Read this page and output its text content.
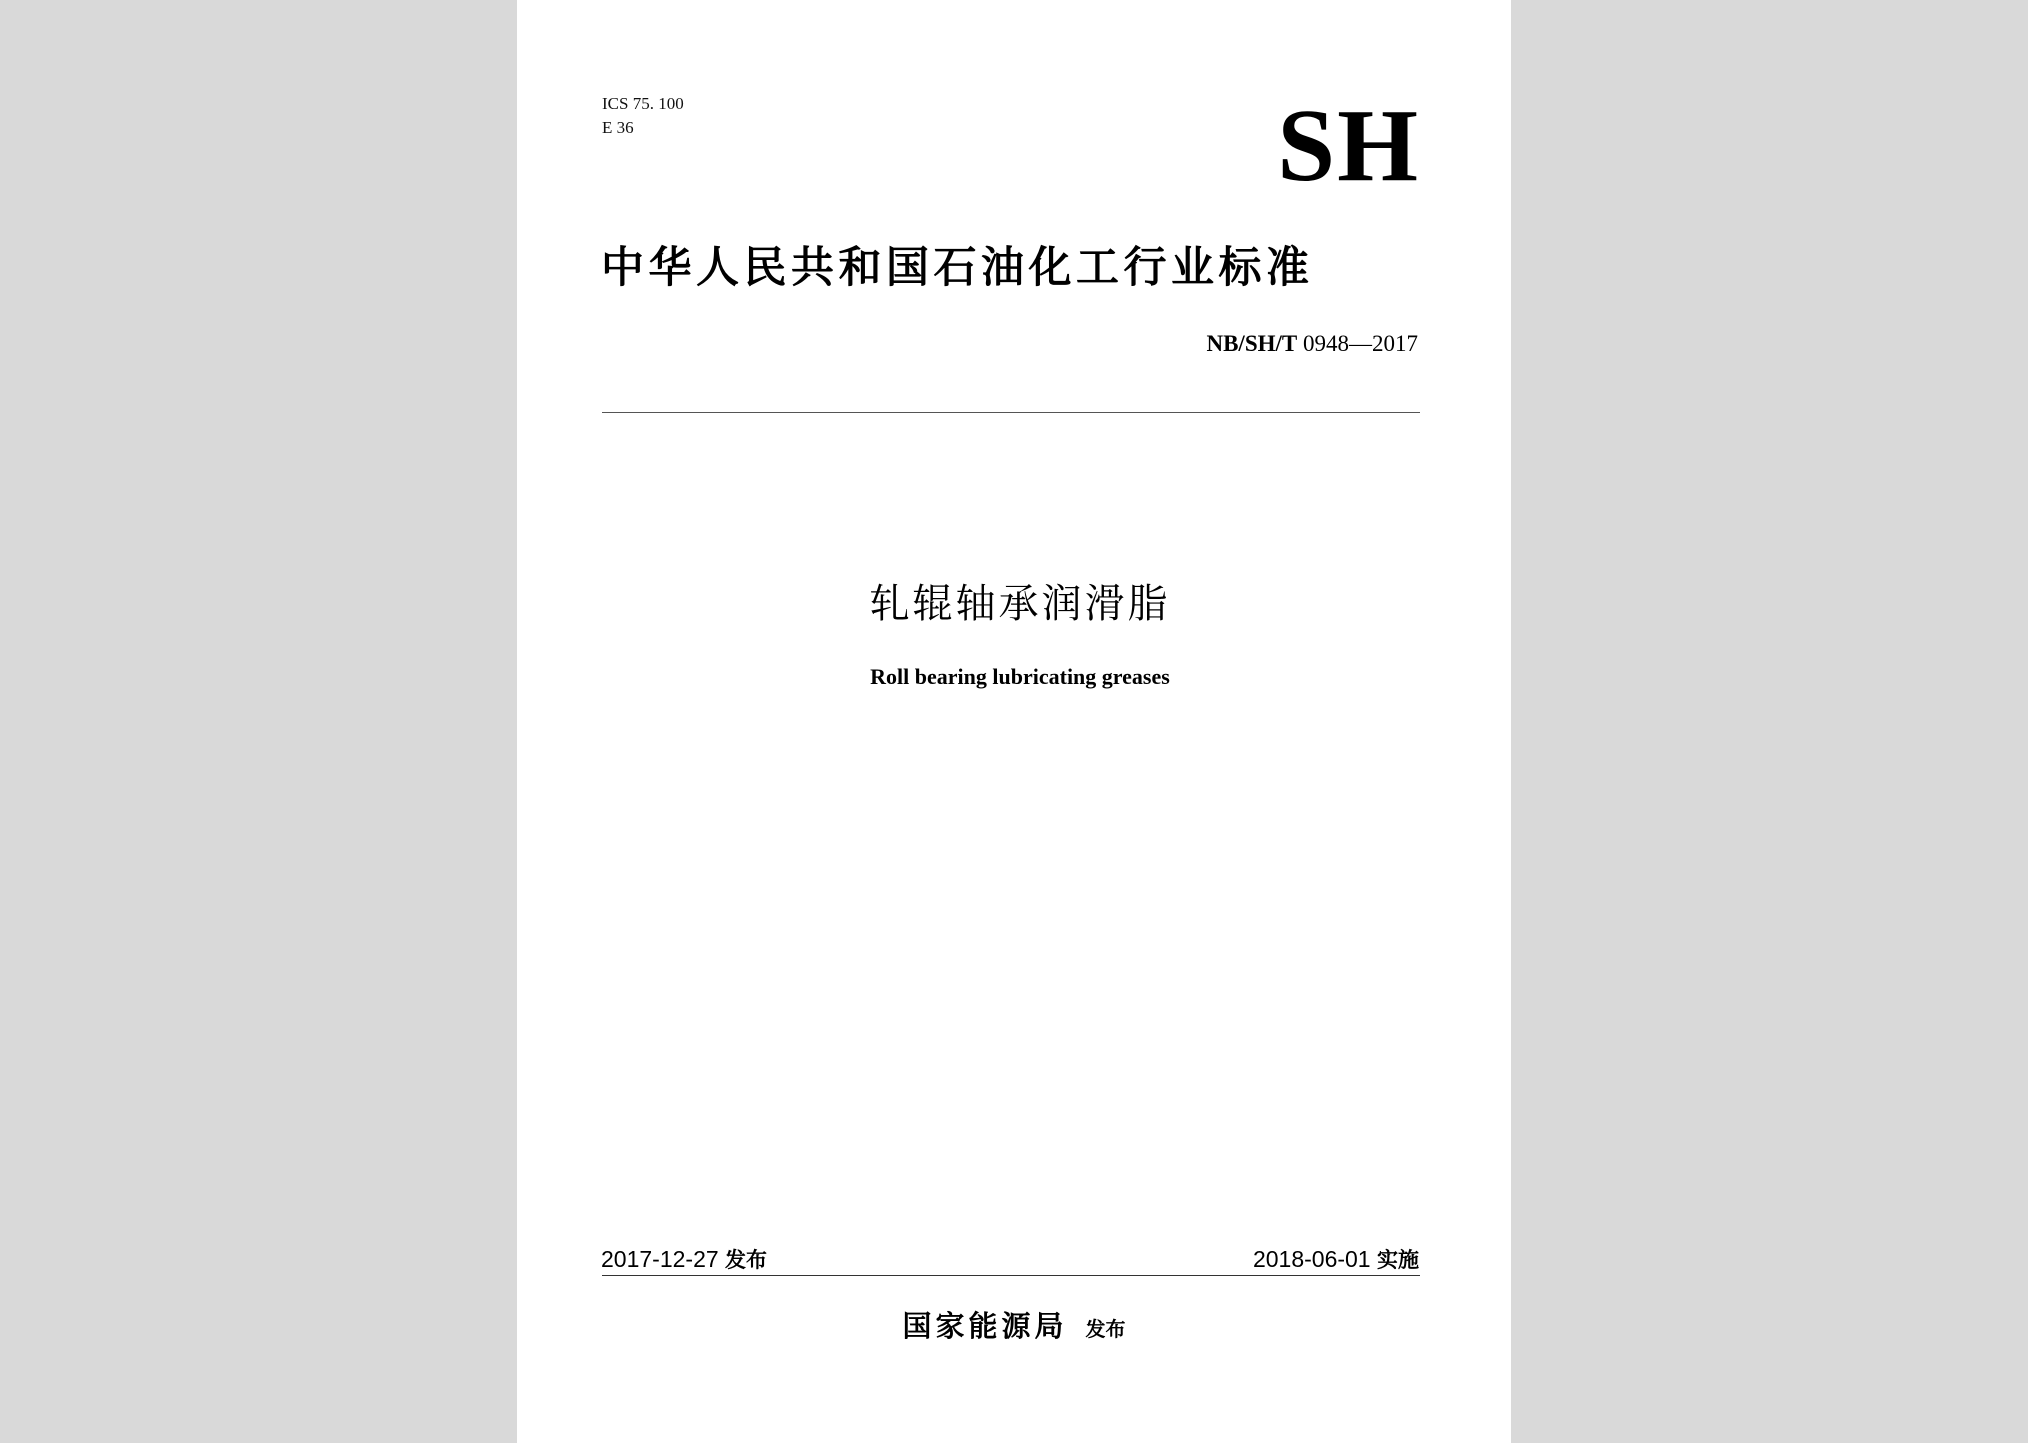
ICS 75. 100
E 36	SH
中华人民共和国石油化工行业标准
NB/SH/T 0948—2017
轧辊轴承润滑脂
Roll bearing lubricating greases
2017-12-27 发布	2018-06-01 实施
国家能源局 发布
